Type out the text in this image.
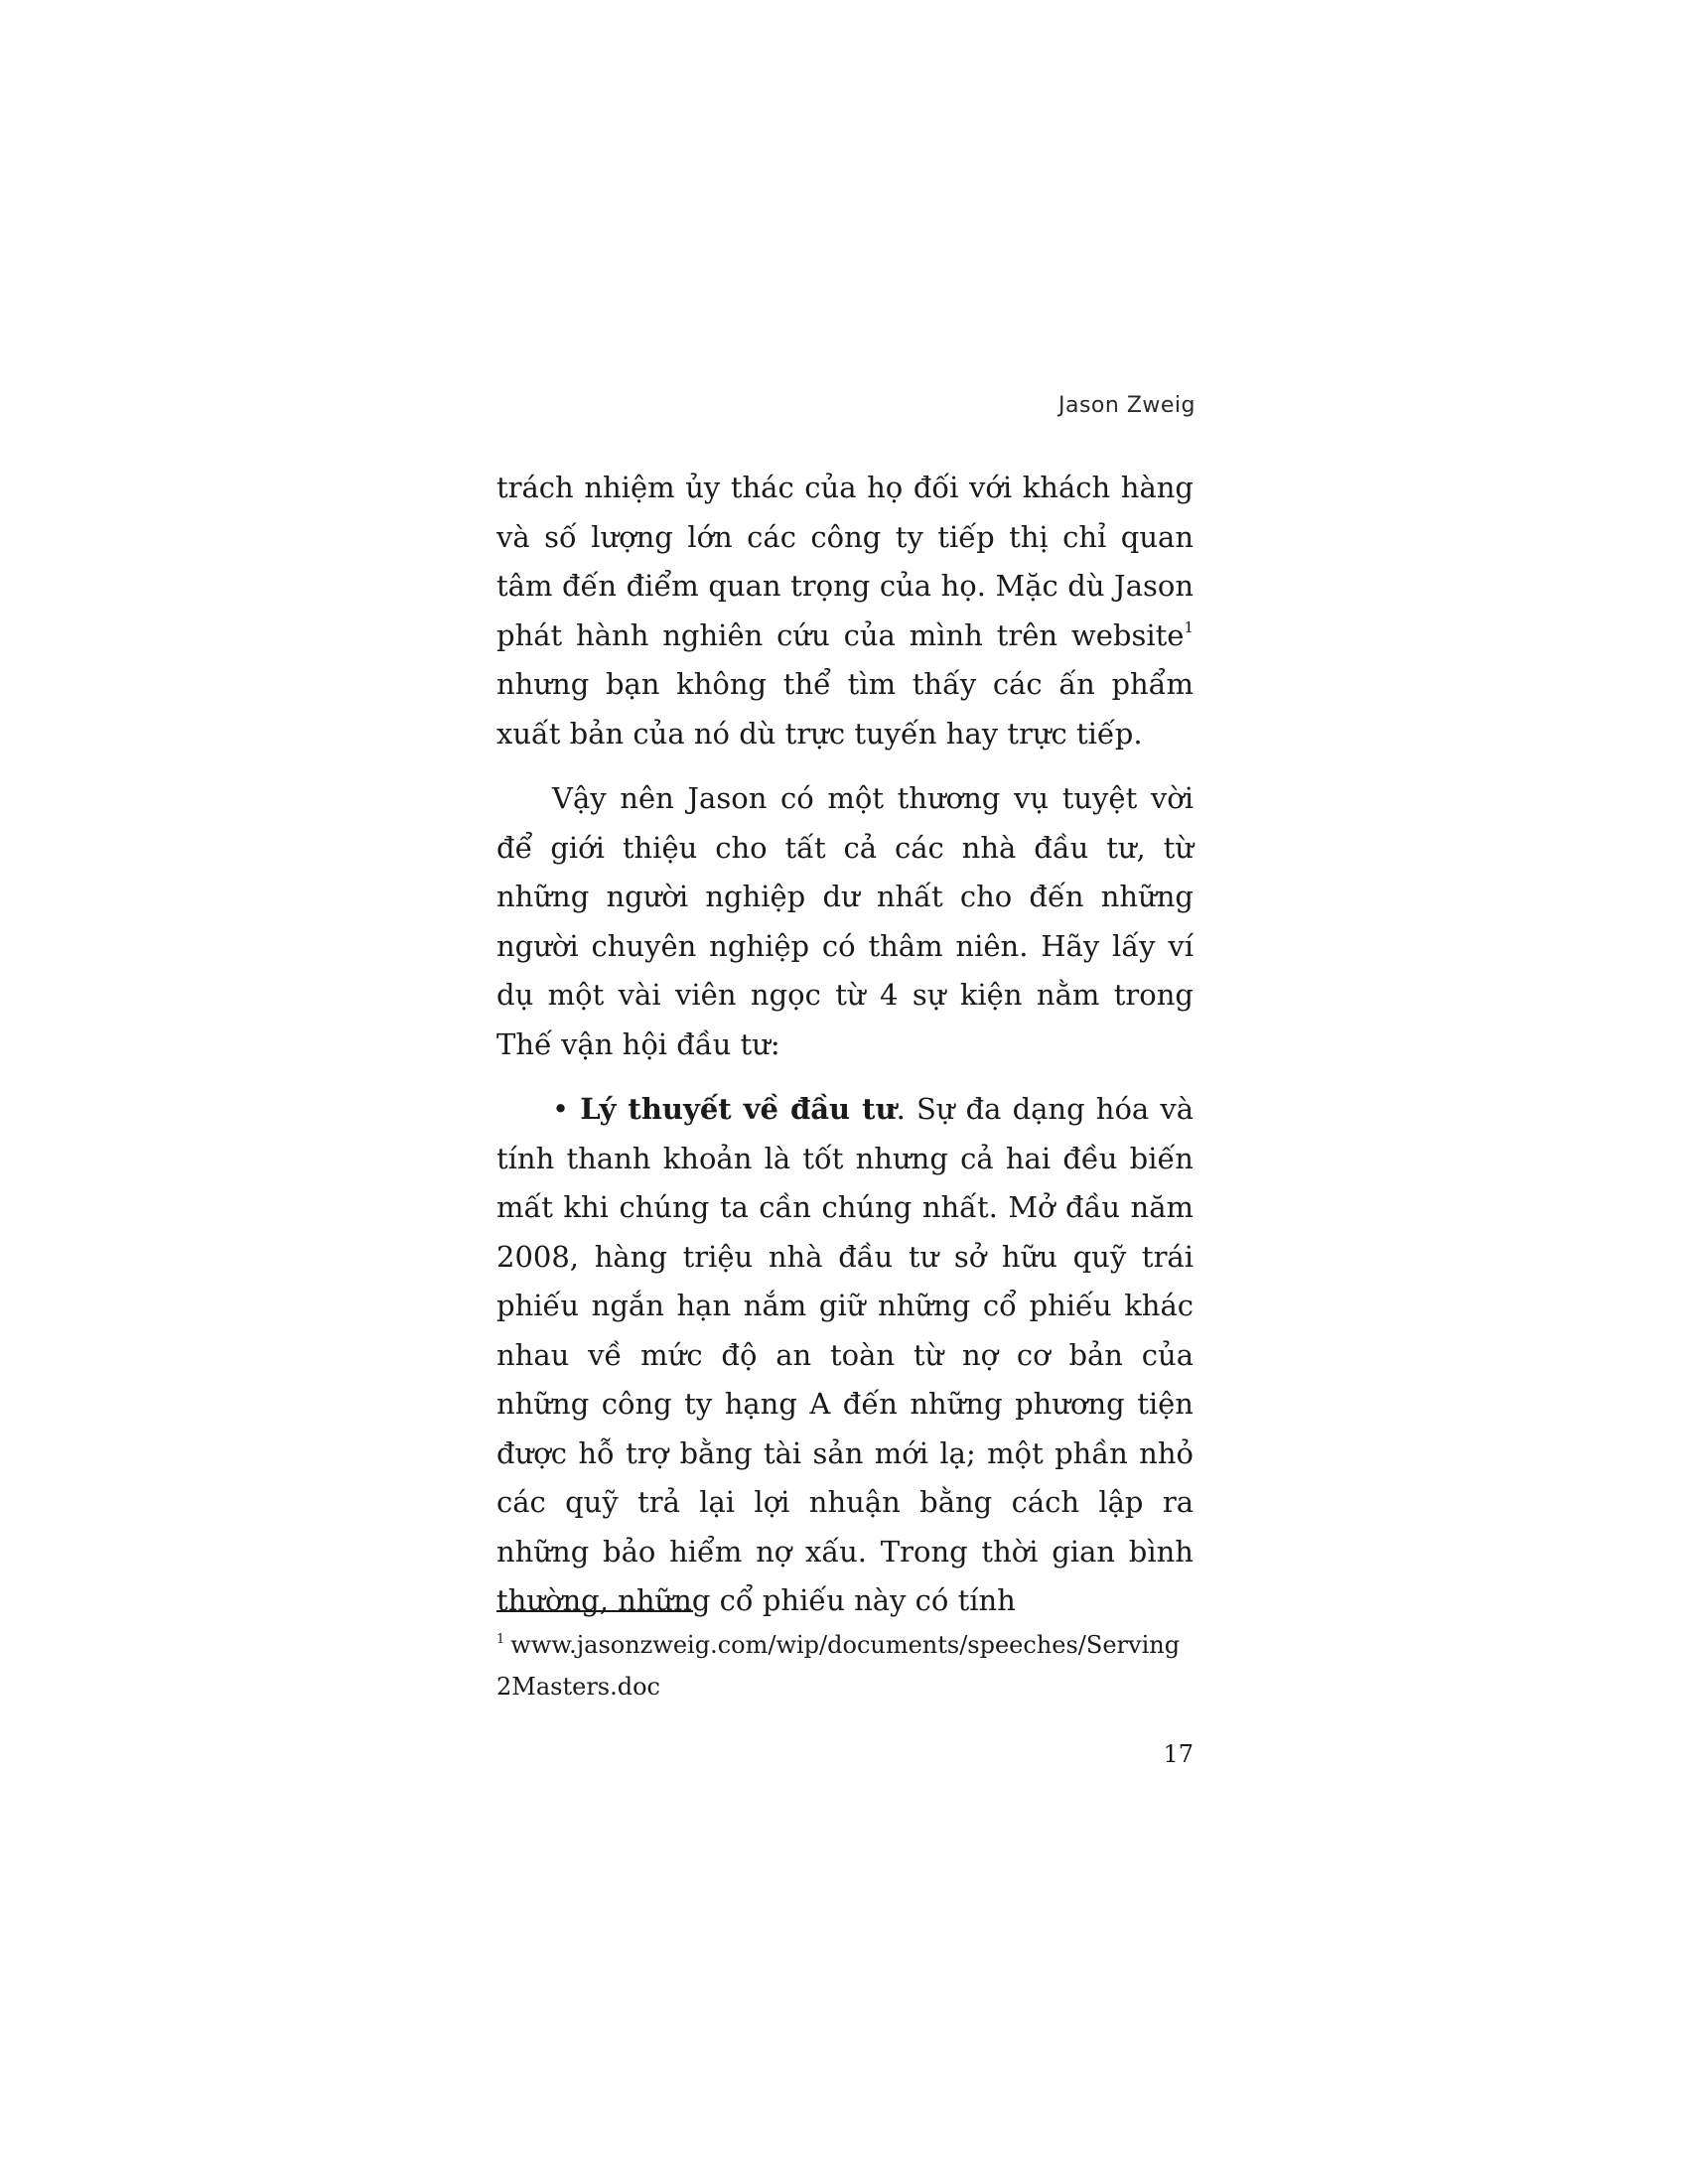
Jason Zweig

trách nhiệm ủy thác của họ đối với khách hàng và số lượng lớn các công ty tiếp thị chỉ quan tâm đến điểm quan trọng của họ. Mặc dù Jason phát hành nghiên cứu của mình trên website$^1$ nhưng bạn không thể tìm thấy các ấn phẩm xuất bản của nó dù trực tuyến hay trực tiếp.

Vậy nên Jason có một thương vụ tuyệt vời để giới thiệu cho tất cả các nhà đầu tư, từ những người nghiệp dư nhất cho đến những người chuyên nghiệp có thâm niên. Hãy lấy ví dụ một vài viên ngọc từ 4 sự kiện nằm trong Thế vận hội đầu tư:

• Lý thuyết về đầu tư. Sự đa dạng hóa và tính thanh khoản là tốt nhưng cả hai đều biến mất khi chúng ta cần chúng nhất. Mở đầu năm 2008, hàng triệu nhà đầu tư sở hữu quỹ trái phiếu ngắn hạn nắm giữ những cổ phiếu khác nhau về mức độ an toàn từ nợ cơ bản của những công ty hạng A đến những phương tiện được hỗ trợ bằng tài sản mới lạ; một phần nhỏ các quỹ trả lại lợi nhuận bằng cách lập ra những bảo hiểm nợ xấu. Trong thời gian bình thường, những cổ phiếu này có tính

$^1$ www.jasonzweig.com/wip/documents/speeches/Serving2Masters.doc
17
